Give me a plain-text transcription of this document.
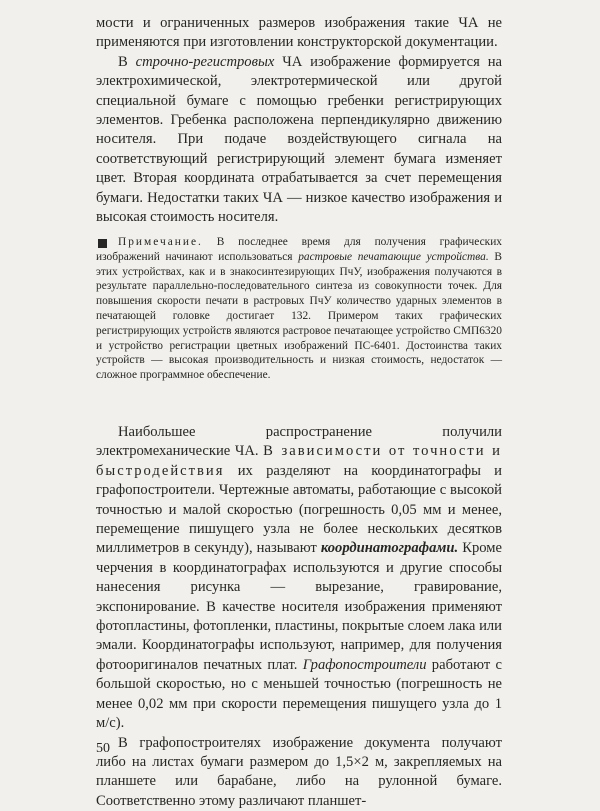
мости и ограниченных размеров изображения такие ЧА не применяются при изготовлении конструкторской документации.

В строчно-регистровых ЧА изображение формируется на электрохимической, электротермической или другой специальной бумаге с помощью гребенки регистрирующих элементов. Гребенка расположена перпендикулярно движению носителя. При подаче воздействующего сигнала на соответствующий регистрирующий элемент бумага изменяет цвет. Вторая координата отрабатывается за счет перемещения бумаги. Недостатки таких ЧА — низкое качество изображения и высокая стоимость носителя.

Примечание. В последнее время для получения графических изображений начинают использоваться растровые печатающие устройства. В этих устройствах, как и в знакосинтезирующих ПчУ, изображения получаются в результате параллельно-последовательного синтеза из совокупности точек. Для повышения скорости печати в растровых ПчУ количество ударных элементов в печатающей головке достигает 132. Примером таких графических регистрирующих устройств являются растровое печатающее устройство СМП6320 и устройство регистрации цветных изображений ПС-6401. Достоинства таких устройств — высокая производительность и низкая стоимость, недостаток — сложное программное обеспечение.

Наибольшее распространение получили электромеханические ЧА. В зависимости от точности и быстродействия их разделяют на координатографы и графопостроители. Чертежные автоматы, работающие с высокой точностью и малой скоростью (погрешность 0,05 мм и менее, перемещение пишущего узла не более нескольких десятков миллиметров в секунду), называют координатографами. Кроме черчения в координатографах используются и другие способы нанесения рисунка — вырезание, гравирование, экспонирование. В качестве носителя изображения применяют фотопластины, фотопленки, пластины, покрытые слоем лака или эмали. Координатографы используют, например, для получения фотооригиналов печатных плат. Графопостроители работают с большой скоростью, но с меньшей точностью (погрешность не менее 0,02 мм при скорости перемещения пишущего узла до 1 м/с).

В графопостроителях изображение документа получают либо на листах бумаги размером до 1,5×2 м, закрепляемых на планшете или барабане, либо на рулонной бумаге. Соответственно этому различают планшет-

50
